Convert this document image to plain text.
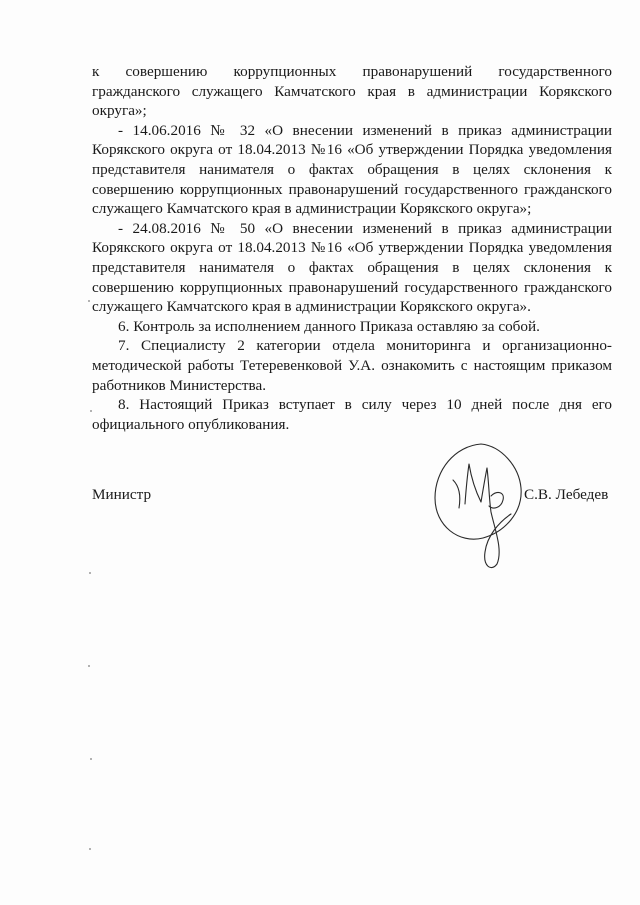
к совершению коррупционных правонарушений государственного гражданского служащего Камчатского края в администрации Корякского округа»;

- 14.06.2016 № 32 «О внесении изменений в приказ администрации Корякского округа от 18.04.2013 №16 «Об утверждении Порядка уведомления представителя нанимателя о фактах обращения в целях склонения к совершению коррупционных правонарушений государственного гражданского служащего Камчатского края в администрации Корякского округа»;

- 24.08.2016 № 50 «О внесении изменений в приказ администрации Корякского округа от 18.04.2013 №16 «Об утверждении Порядка уведомления представителя нанимателя о фактах обращения в целях склонения к совершению коррупционных правонарушений государственного гражданского служащего Камчатского края в администрации Корякского округа».

6. Контроль за исполнением данного Приказа оставляю за собой.

7. Специалисту 2 категории отдела мониторинга и организационно-методической работы Тетеревенковой У.А. ознакомить с настоящим приказом работников Министерства.

8. Настоящий Приказ вступает в силу через 10 дней после дня его официального опубликования.

Министр	С.В. Лебедев
